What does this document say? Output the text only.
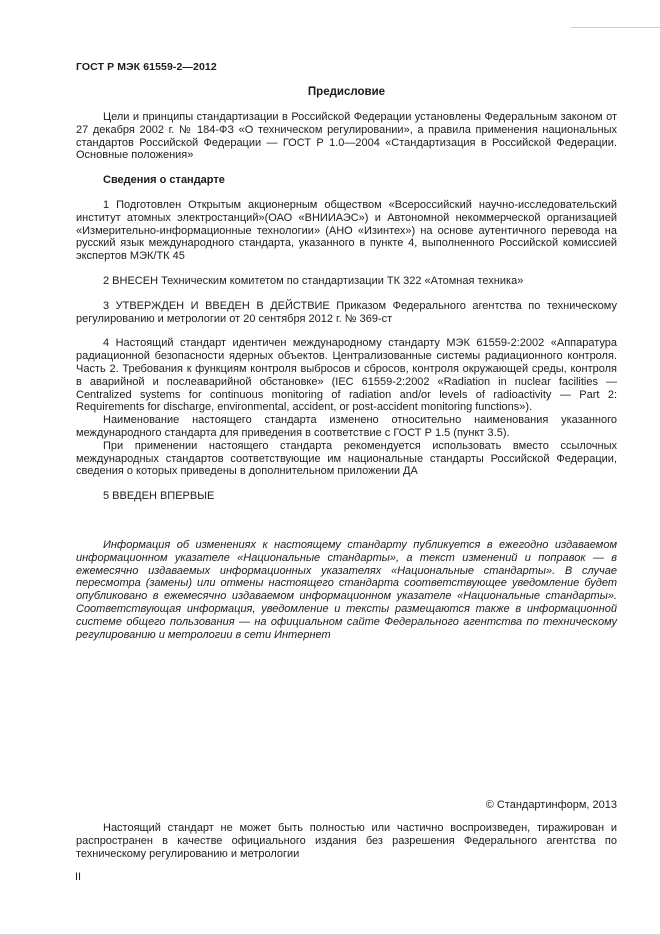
ГОСТ Р МЭК 61559-2—2012
Предисловие

Цели и принципы стандартизации в Российской Федерации установлены Федеральным законом от 27 декабря 2002 г. № 184-ФЗ «О техническом регулировании», а правила применения национальных стандартов Российской Федерации — ГОСТ Р 1.0—2004 «Стандартизация в Российской Федерации. Основные положения»

Сведения о стандарте

1 Подготовлен Открытым акционерным обществом «Всероссийский научно-исследовательский институт атомных электростанций»(ОАО «ВНИИАЭС») и Автономной некоммерческой организацией «Измерительно-информационные технологии» (АНО «Изинтех») на основе аутентичного перевода на русский язык международного стандарта, указанного в пункте 4, выполненного Российской комиссией экспертов МЭК/ТК 45

2 ВНЕСЕН Техническим комитетом по стандартизации ТК 322 «Атомная техника»

3 УТВЕРЖДЕН И ВВЕДЕН В ДЕЙСТВИЕ Приказом Федерального агентства по техническому регулированию и метрологии от 20 сентября 2012 г. № 369-ст

4 Настоящий стандарт идентичен международному стандарту МЭК 61559-2:2002 «Аппаратура радиационной безопасности ядерных объектов. Централизованные системы радиационного контроля. Часть 2. Требования к функциям контроля выбросов и сбросов, контроля окружающей среды, контроля в аварийной и послеаварийной обстановке» (IEC 61559-2:2002 «Radiation in nuclear facilities — Centralized systems for continuous monitoring of radiation and/or levels of radioactivity — Part 2: Requirements for discharge, environmental, accident, or post-accident monitoring functions»).

Наименование настоящего стандарта изменено относительно наименования указанного международного стандарта для приведения в соответствие с ГОСТ Р 1.5 (пункт 3.5).

При применении настоящего стандарта рекомендуется использовать вместо ссылочных международных стандартов соответствующие им национальные стандарты Российской Федерации, сведения о которых приведены в дополнительном приложении ДА

5 ВВЕДЕН ВПЕРВЫЕ

Информация об изменениях к настоящему стандарту публикуется в ежегодно издаваемом информационном указателе «Национальные стандарты», а текст изменений и поправок — в ежемесячно издаваемых информационных указателях «Национальные стандарты». В случае пересмотра (замены) или отмены настоящего стандарта соответствующее уведомление будет опубликовано в ежемесячно издаваемом информационном указателе «Национальные стандарты». Соответствующая информация, уведомление и тексты размещаются также в информационной системе общего пользования — на официальном сайте Федерального агентства по техническому регулированию и метрологии в сети Интернет

© Стандартинформ, 2013

Настоящий стандарт не может быть полностью или частично воспроизведен, тиражирован и распространен в качестве официального издания без разрешения Федерального агентства по техническому регулированию и метрологии

II
